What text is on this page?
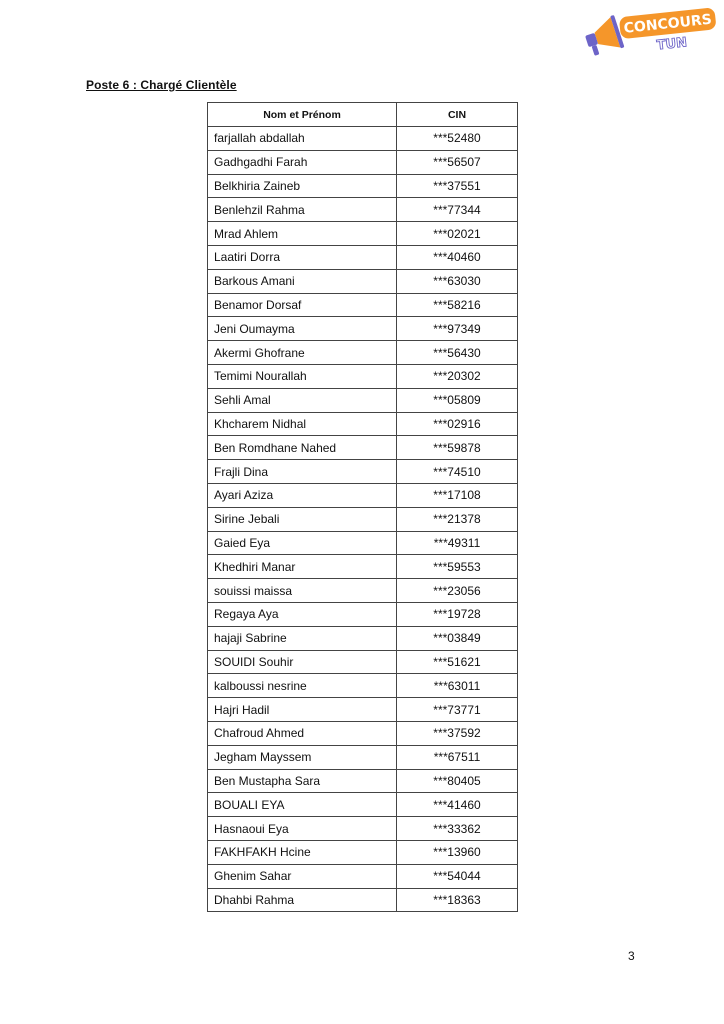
CONCOURS
TUN
Poste 6 : Chargé Clientèle
Nom et Prénom	CIN
farjallah abdallah	***52480
Gadhgadhi Farah	***56507
Belkhiria Zaineb	***37551
Benlehzil Rahma	***77344
Mrad Ahlem	***02021
Laatiri Dorra	***40460
Barkous Amani	***63030
Benamor Dorsaf	***58216
Jeni Oumayma	***97349
Akermi Ghofrane	***56430
Temimi Nourallah	***20302
Sehli Amal	***05809
Khcharem Nidhal	***02916
Ben Romdhane Nahed	***59878
Frajli Dina	***74510
Ayari Aziza	***17108
Sirine Jebali	***21378
Gaied Eya	***49311
Khedhiri Manar	***59553
souissi maissa	***23056
Regaya Aya	***19728
hajaji Sabrine	***03849
SOUIDI Souhir	***51621
kalboussi nesrine	***63011
Hajri Hadil	***73771
Chafroud Ahmed	***37592
Jegham Mayssem	***67511
Ben Mustapha Sara	***80405
BOUALI EYA	***41460
Hasnaoui Eya	***33362
FAKHFAKH Hcine	***13960
Ghenim Sahar	***54044
Dhahbi Rahma	***18363
3
